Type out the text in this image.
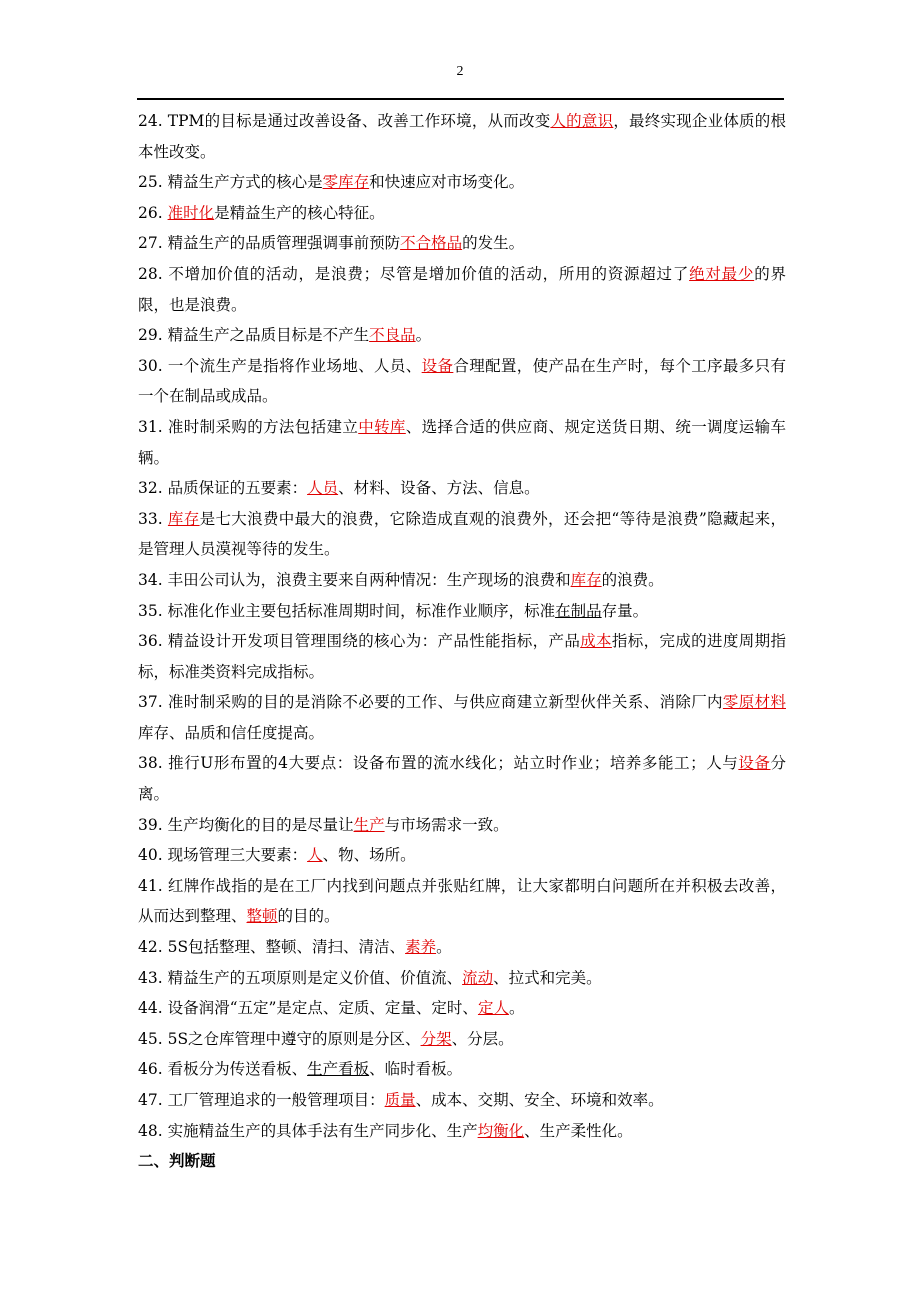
2

24. TPM的目标是通过改善设备、改善工作环境，从而改变人的意识，最终实现企业体质的根本性改变。

25. 精益生产方式的核心是零库存和快速应对市场变化。

26. 准时化是精益生产的核心特征。

27. 精益生产的品质管理强调事前预防不合格品的发生。

28. 不增加价值的活动，是浪费；尽管是增加价值的活动，所用的资源超过了绝对最少的界限，也是浪费。

29. 精益生产之品质目标是不产生不良品。

30. 一个流生产是指将作业场地、人员、设备合理配置，使产品在生产时，每个工序最多只有一个在制品或成品。

31. 准时制采购的方法包括建立中转库、选择合适的供应商、规定送货日期、统一调度运输车辆。

32. 品质保证的五要素：人员、材料、设备、方法、信息。

33. 库存是七大浪费中最大的浪费，它除造成直观的浪费外，还会把“等待是浪费”隐藏起来，是管理人员漠视等待的发生。

34. 丰田公司认为，浪费主要来自两种情况：生产现场的浪费和库存的浪费。

35. 标准化作业主要包括标准周期时间，标准作业顺序，标准在制品存量。

36. 精益设计开发项目管理围绕的核心为：产品性能指标，产品成本指标，完成的进度周期指标，标准类资料完成指标。

37. 准时制采购的目的是消除不必要的工作、与供应商建立新型伙伴关系、消除厂内零原材料库存、品质和信任度提高。

38. 推行U形布置的4大要点：设备布置的流水线化；站立时作业；培养多能工；人与设备分离。

39. 生产均衡化的目的是尽量让生产与市场需求一致。

40. 现场管理三大要素：人、物、场所。

41. 红牌作战指的是在工厂内找到问题点并张贴红牌，让大家都明白问题所在并积极去改善，从而达到整理、整顿的目的。

42. 5S包括整理、整顿、清扫、清洁、素养。

43. 精益生产的五项原则是定义价值、价值流、流动、拉式和完美。

44. 设备润滑“五定”是定点、定质、定量、定时、定人。

45. 5S之仓库管理中遵守的原则是分区、分架、分层。

46. 看板分为传送看板、生产看板、临时看板。

47. 工厂管理追求的一般管理项目：质量、成本、交期、安全、环境和效率。

48. 实施精益生产的具体手法有生产同步化、生产均衡化、生产柔性化。

二、判断题
